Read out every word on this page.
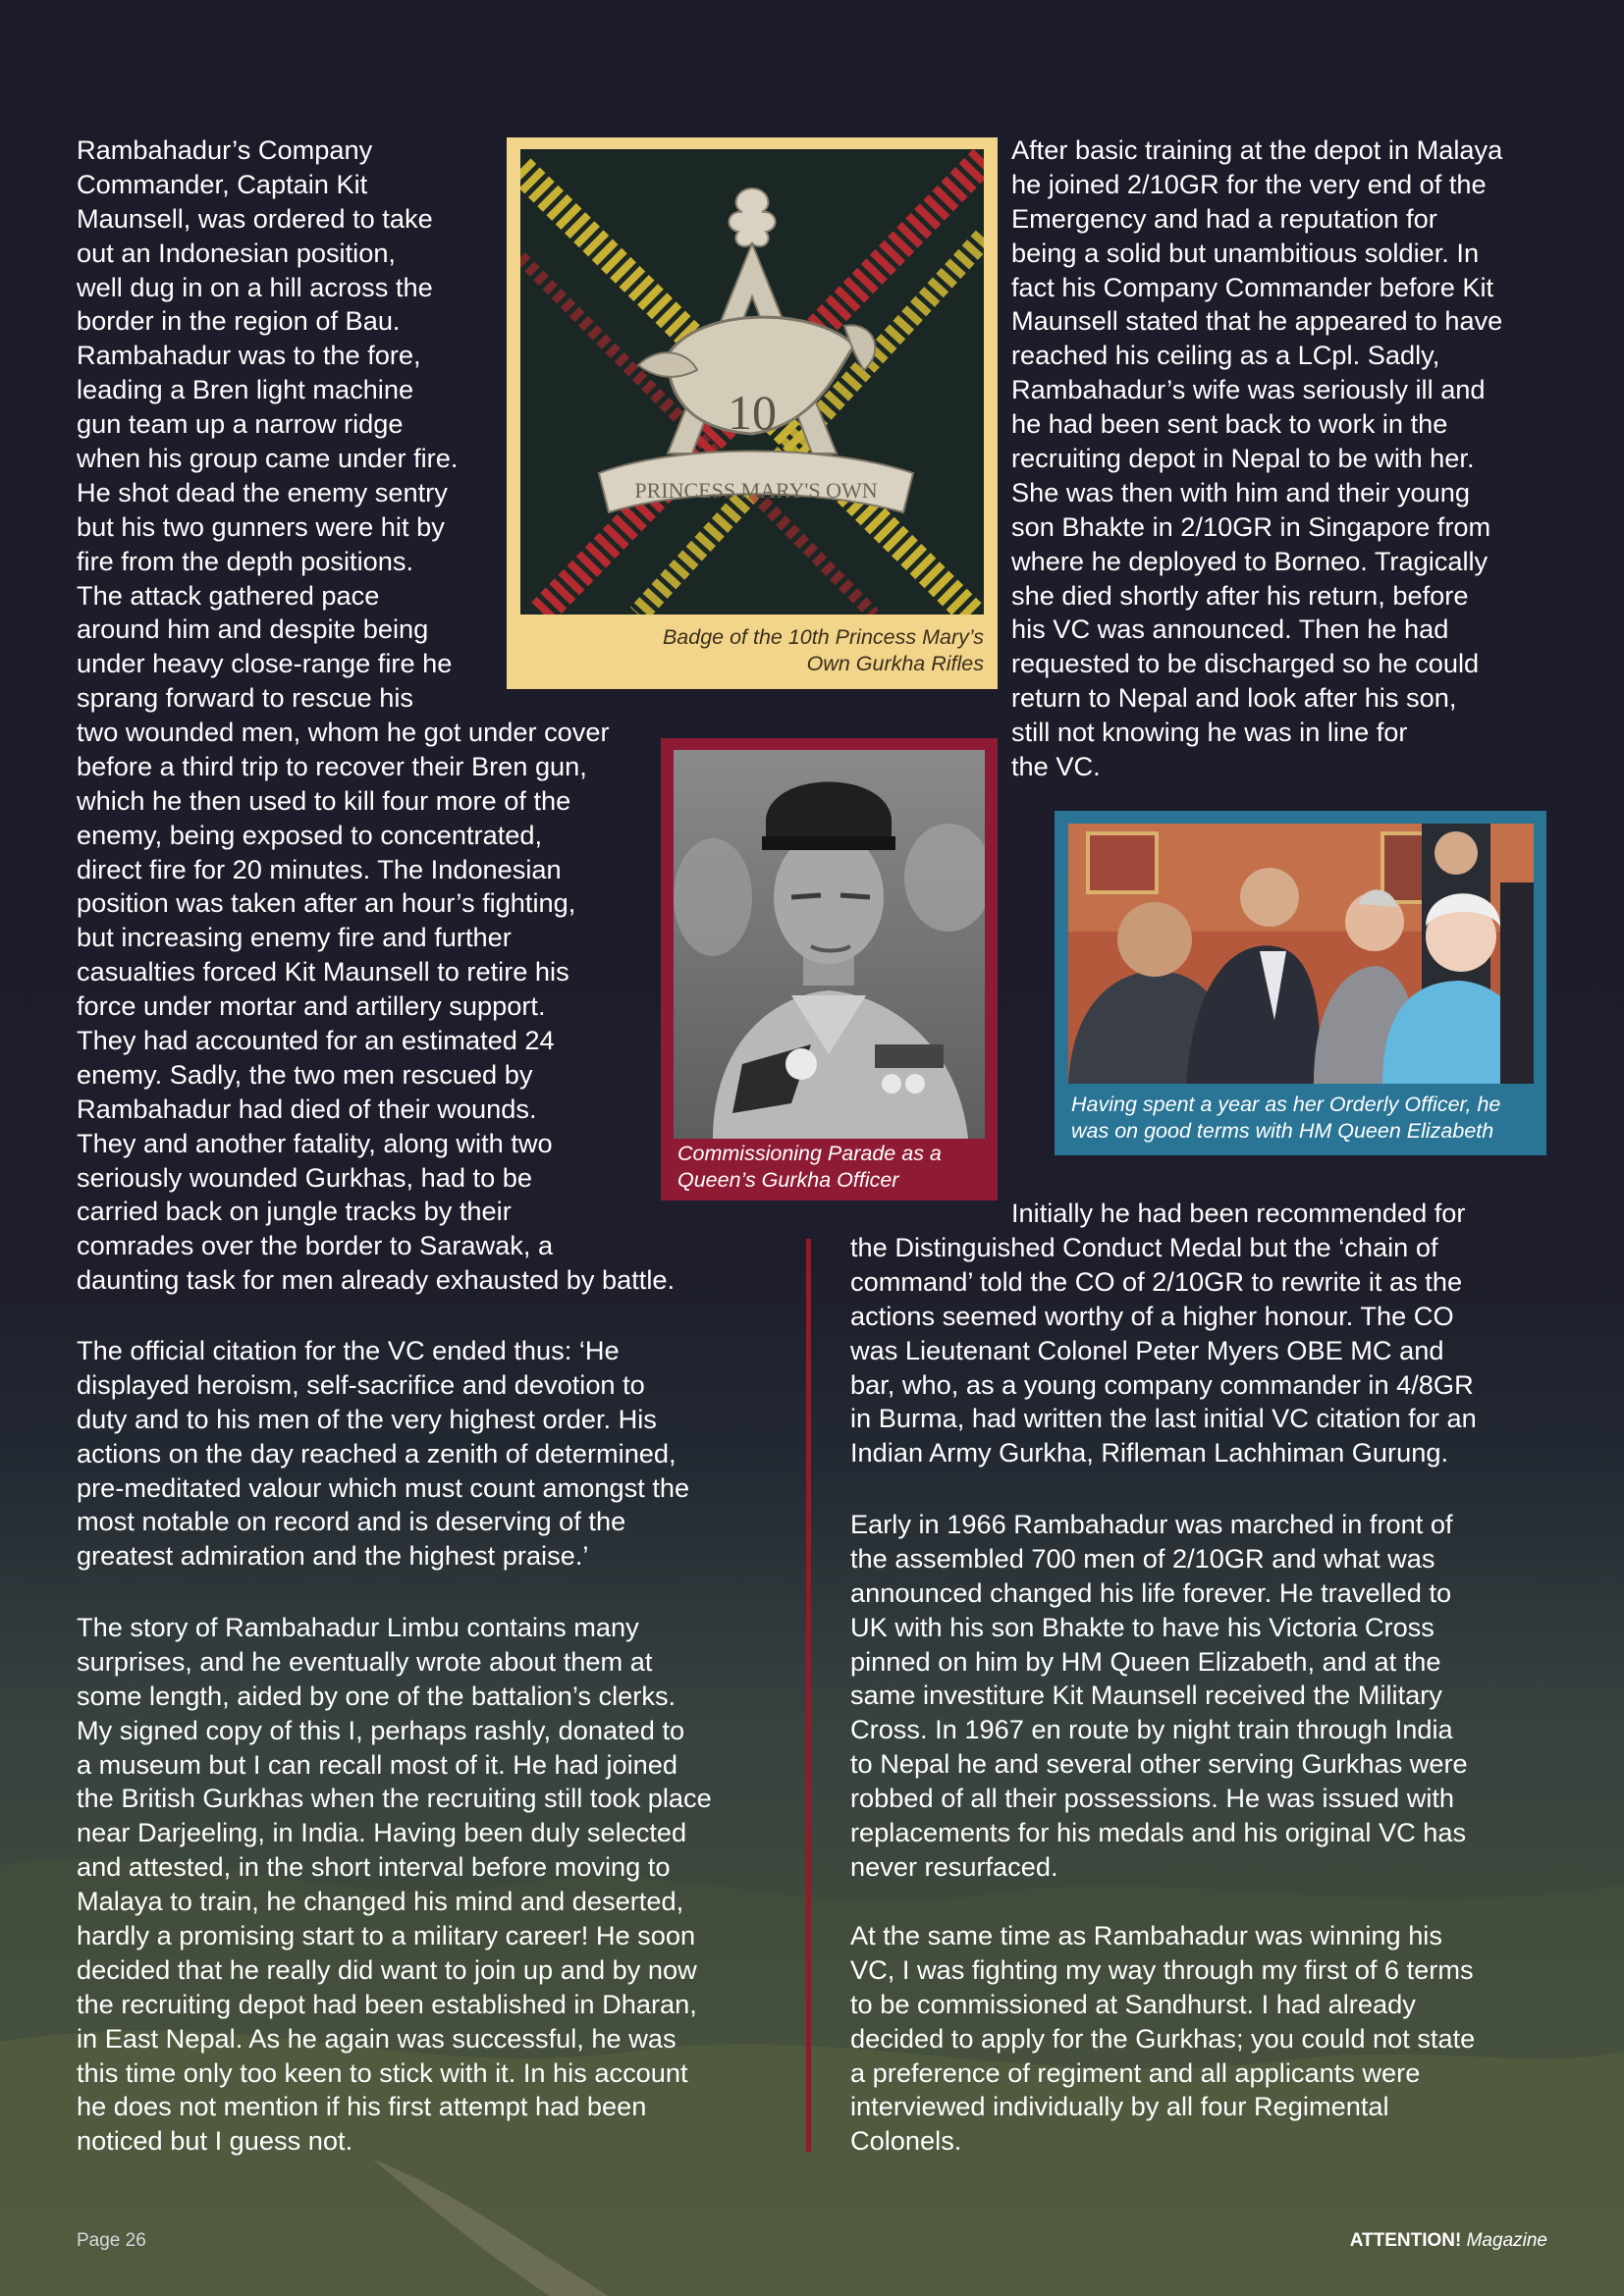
Rambahadur’s Company
Commander, Captain Kit
Maunsell, was ordered to take
out an Indonesian position,
well dug in on a hill across the
border in the region of Bau.
Rambahadur was to the fore,
leading a Bren light machine
gun team up a narrow ridge
when his group came under fire.
He shot dead the enemy sentry
but his two gunners were hit by
fire from the depth positions.
The attack gathered pace
around him and despite being
under heavy close-range fire he
sprang forward to rescue his
two wounded men, whom he got under cover
before a third trip to recover their Bren gun,
which he then used to kill four more of the
enemy, being exposed to concentrated,
direct fire for 20 minutes. The Indonesian
position was taken after an hour’s fighting,
but increasing enemy fire and further
casualties forced Kit Maunsell to retire his
force under mortar and artillery support.
They had accounted for an estimated 24
enemy. Sadly, the two men rescued by
Rambahadur had died of their wounds.
They and another fatality, along with two
seriously wounded Gurkhas, had to be
carried back on jungle tracks by their
comrades over the border to Sarawak, a
daunting task for men already exhausted by battle.
The official citation for the VC ended thus: ‘He
displayed heroism, self-sacrifice and devotion to
duty and to his men of the very highest order. His
actions on the day reached a zenith of determined,
pre-meditated valour which must count amongst the
most notable on record and is deserving of the
greatest admiration and the highest praise.’
The story of Rambahadur Limbu contains many
surprises, and he eventually wrote about them at
some length, aided by one of the battalion’s clerks.
My signed copy of this I, perhaps rashly, donated to
a museum but I can recall most of it. He had joined
the British Gurkhas when the recruiting still took place
near Darjeeling, in India. Having been duly selected
and attested, in the short interval before moving to
Malaya to train, he changed his mind and deserted,
hardly a promising start to a military career! He soon
decided that he really did want to join up and by now
the recruiting depot had been established in Dharan,
in East Nepal. As he again was successful, he was
this time only too keen to stick with it. In his account
he does not mention if his first attempt had been
noticed but I guess not.
10
PRINCESS MARY'S OWN
Badge of the 10th Princess Mary’s
Own Gurkha Rifles
Commissioning Parade as a
Queen’s Gurkha Officer
After basic training at the depot in Malaya
he joined 2/10GR for the very end of the
Emergency and had a reputation for
being a solid but unambitious soldier. In
fact his Company Commander before Kit
Maunsell stated that he appeared to have
reached his ceiling as a LCpl. Sadly,
Rambahadur’s wife was seriously ill and
he had been sent back to work in the
recruiting depot in Nepal to be with her.
She was then with him and their young
son Bhakte in 2/10GR in Singapore from
where he deployed to Borneo. Tragically
she died shortly after his return, before
his VC was announced. Then he had
requested to be discharged so he could
return to Nepal and look after his son,
still not knowing he was in line for
the VC.
Having spent a year as her Orderly Officer, he
was on good terms with HM Queen Elizabeth
Initially he had been recommended for
the Distinguished Conduct Medal but the ‘chain of
command’ told the CO of 2/10GR to rewrite it as the
actions seemed worthy of a higher honour. The CO
was Lieutenant Colonel Peter Myers OBE MC and
bar, who, as a young company commander in 4/8GR
in Burma, had written the last initial VC citation for an
Indian Army Gurkha, Rifleman Lachhiman Gurung.
Early in 1966 Rambahadur was marched in front of
the assembled 700 men of 2/10GR and what was
announced changed his life forever. He travelled to
UK with his son Bhakte to have his Victoria Cross
pinned on him by HM Queen Elizabeth, and at the
same investiture Kit Maunsell received the Military
Cross. In 1967 en route by night train through India
to Nepal he and several other serving Gurkhas were
robbed of all their possessions. He was issued with
replacements for his medals and his original VC has
never resurfaced.
At the same time as Rambahadur was winning his
VC, I was fighting my way through my first of 6 terms
to be commissioned at Sandhurst. I had already
decided to apply for the Gurkhas; you could not state
a preference of regiment and all applicants were
interviewed individually by all four Regimental
Colonels.
Page 26	ATTENTION! Magazine
